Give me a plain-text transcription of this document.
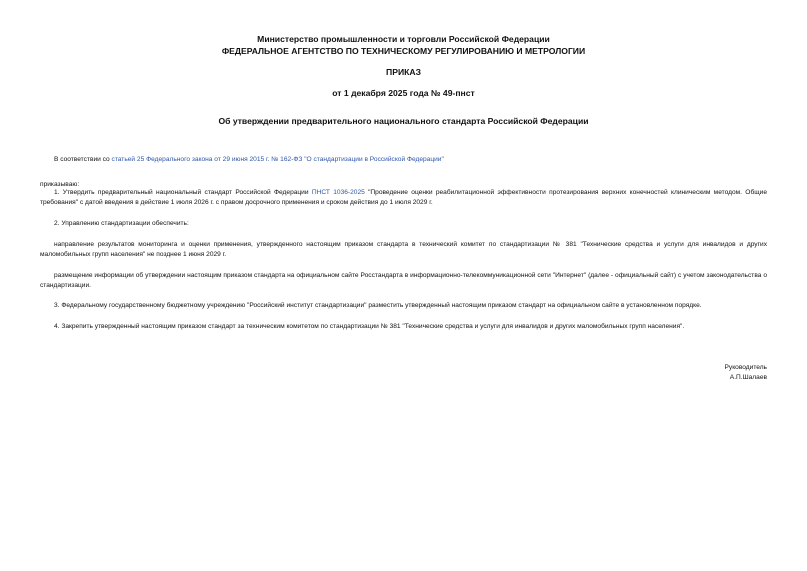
Министерство промышленности и торговли Российской Федерации
ФЕДЕРАЛЬНОЕ АГЕНТСТВО ПО ТЕХНИЧЕСКОМУ РЕГУЛИРОВАНИЮ И МЕТРОЛОГИИ
ПРИКАЗ
от 1 декабря 2025 года № 49-пнст
Об утверждении предварительного национального стандарта Российской Федерации
В соответствии со статьей 25 Федерального закона от 29 июня 2015 г. № 162-ФЗ "О стандартизации в Российской Федерации"
приказываю:
1. Утвердить предварительный национальный стандарт Российской Федерации ПНСТ 1036-2025 "Проведение оценки реабилитационной эффективности протезирования верхних конечностей клиническим методом. Общие требования" с датой введения в действие 1 июля 2026 г. с правом досрочного применения и сроком действия до 1 июля 2029 г.
2. Управлению стандартизации обеспечить:
направление результатов мониторинга и оценки применения, утвержденного настоящим приказом стандарта в технический комитет по стандартизации № 381 "Технические средства и услуги для инвалидов и других маломобильных групп населения" не позднее 1 июня 2029 г.
размещение информации об утверждении настоящим приказом стандарта на официальном сайте Росстандарта в информационно-телекоммуникационной сети "Интернет" (далее - официальный сайт) с учетом законодательства о стандартизации.
3. Федеральному государственному бюджетному учреждению "Российский институт стандартизации" разместить утвержденный настоящим приказом стандарт на официальном сайте в установленном порядке.
4. Закрепить утвержденный настоящим приказом стандарт за техническим комитетом по стандартизации № 381 "Технические средства и услуги для инвалидов и других маломобильных групп населения".
Руководитель
А.П.Шалаев
